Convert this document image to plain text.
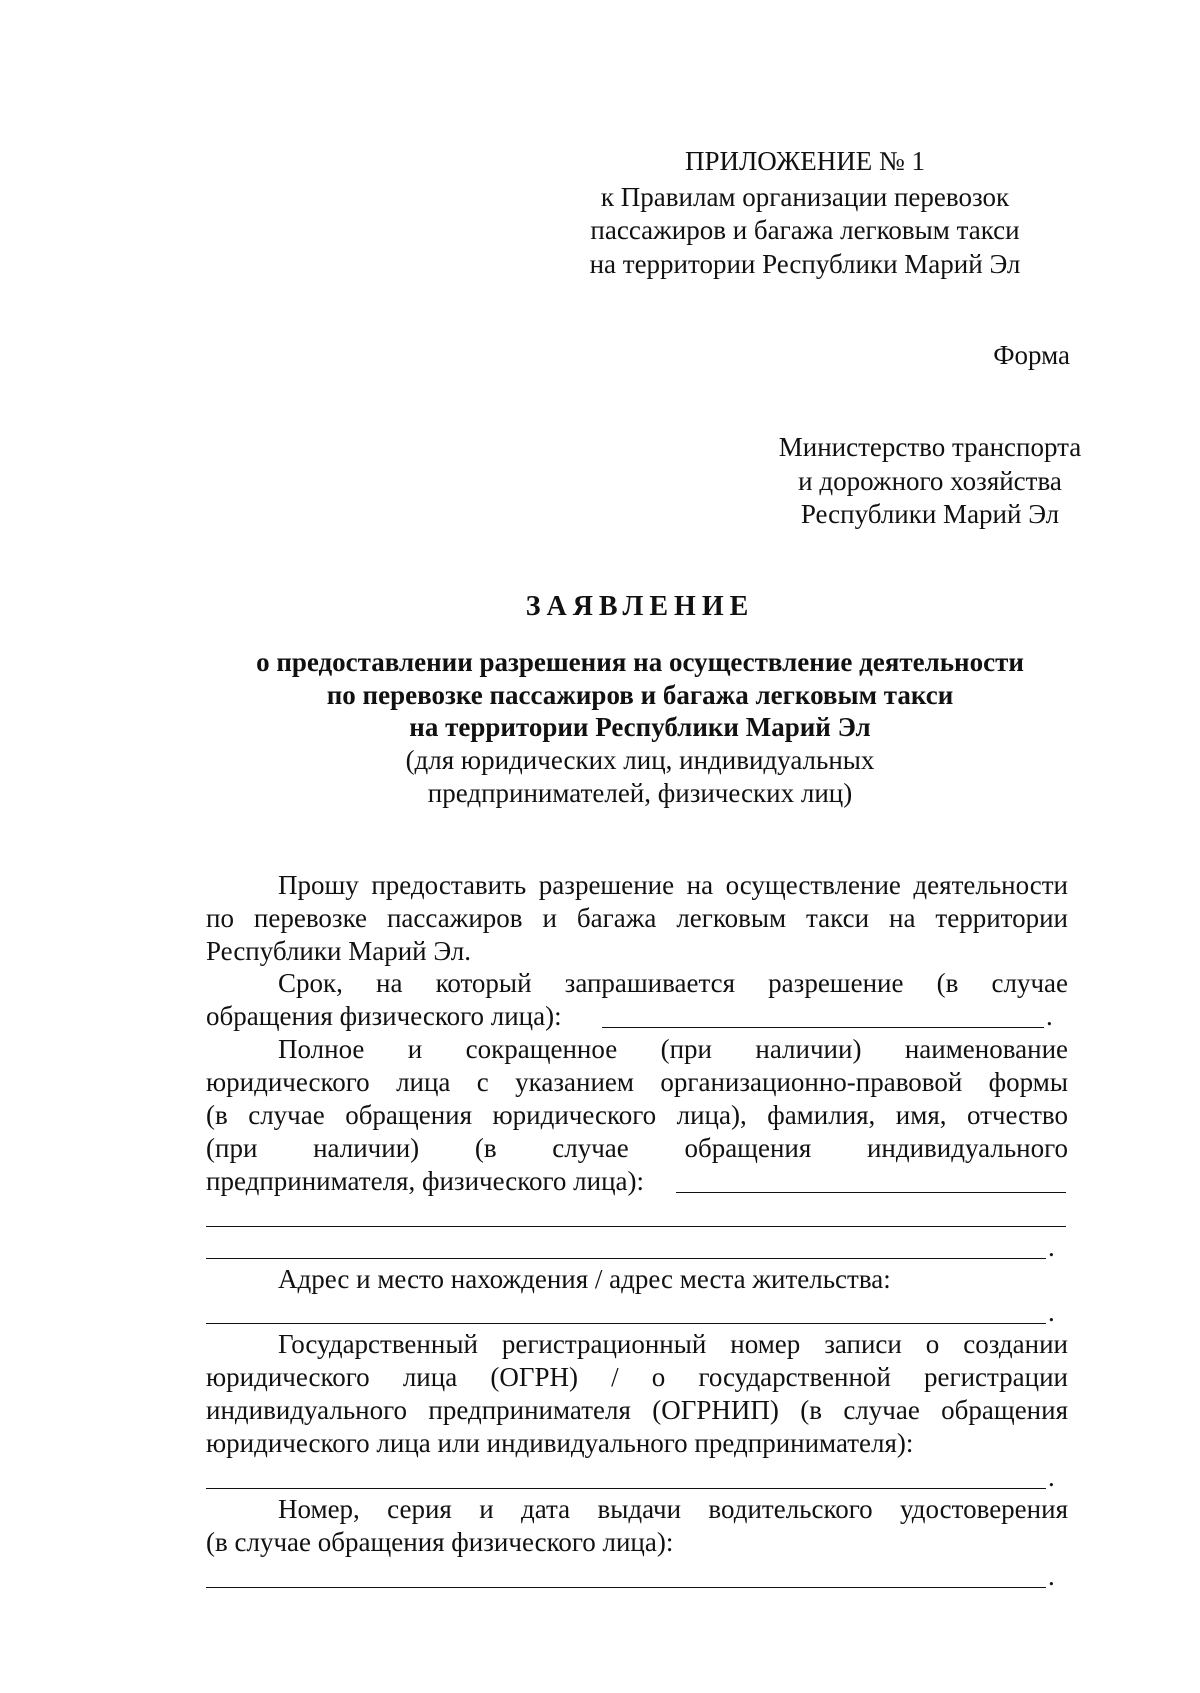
ПРИЛОЖЕНИЕ № 1
к Правилам организации перевозок
пассажиров и багажа легковым такси
на территории Республики Марий Эл
Форма
Министерство транспорта
и дорожного хозяйства
Республики Марий Эл
ЗАЯВЛЕНИЕ
о предоставлении разрешения на осуществление деятельности
по перевозке пассажиров и багажа легковым такси
на территории Республики Марий Эл
(для юридических лиц, индивидуальных
предпринимателей, физических лиц)
Прошу предоставить разрешение на осуществление деятельности
по перевозке пассажиров и багажа легковым такси на территории
Республики Марий Эл.
Срок, на который запрашивается разрешение (в случае
обращения физического лица):	.
Полное и сокращенное (при наличии) наименование
юридического лица с указанием организационно-правовой формы
(в случае обращения юридического лица), фамилия, имя, отчество
(при наличии) (в случае обращения индивидуального
предпринимателя, физического лица):
.
Адрес и место нахождения / адрес места жительства:
.
Государственный регистрационный номер записи о создании
юридического лица (ОГРН) / о государственной регистрации
индивидуального предпринимателя (ОГРНИП) (в случае обращения
юридического лица или индивидуального предпринимателя):
.
Номер, серия и дата выдачи водительского удостоверения
(в случае обращения физического лица):
.
